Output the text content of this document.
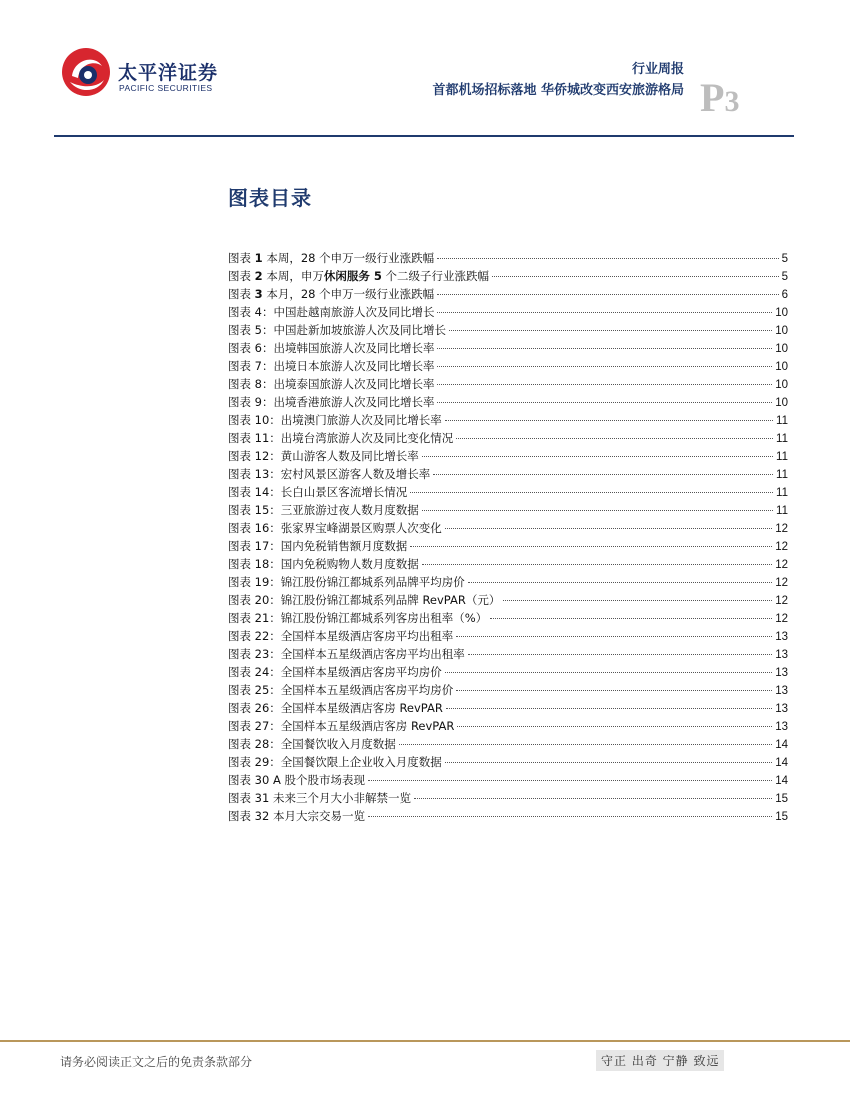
太平洋证券
PACIFIC SECURITIES
行业周报
首都机场招标落地 华侨城改变西安旅游格局 P3
图表目录
图表 1 本周，28 个申万一级行业涨跌幅	5
图表 2 本周，申万休闲服务 5 个二级子行业涨跌幅	5
图表 3 本月，28 个申万一级行业涨跌幅	6
图表 4：中国赴越南旅游人次及同比增长	10
图表 5：中国赴新加坡旅游人次及同比增长	10
图表 6：出境韩国旅游人次及同比增长率	10
图表 7：出境日本旅游人次及同比增长率	10
图表 8：出境泰国旅游人次及同比增长率	10
图表 9：出境香港旅游人次及同比增长率	10
图表 10：出境澳门旅游人次及同比增长率	11
图表 11：出境台湾旅游人次及同比变化情况	11
图表 12：黄山游客人数及同比增长率	11
图表 13：宏村风景区游客人数及增长率	11
图表 14：长白山景区客流增长情况	11
图表 15：三亚旅游过夜人数月度数据	11
图表 16：张家界宝峰湖景区购票人次变化	12
图表 17：国内免税销售额月度数据	12
图表 18：国内免税购物人数月度数据	12
图表 19：锦江股份锦江都城系列品牌平均房价	12
图表 20：锦江股份锦江都城系列品牌 RevPAR（元）	12
图表 21：锦江股份锦江都城系列客房出租率（%）	12
图表 22：全国样本星级酒店客房平均出租率	13
图表 23：全国样本五星级酒店客房平均出租率	13
图表 24：全国样本星级酒店客房平均房价	13
图表 25：全国样本五星级酒店客房平均房价	13
图表 26：全国样本星级酒店客房 RevPAR	13
图表 27：全国样本五星级酒店客房 RevPAR	13
图表 28：全国餐饮收入月度数据	14
图表 29：全国餐饮限上企业收入月度数据	14
图表 30 A 股个股市场表现	14
图表 31 未来三个月大小非解禁一览	15
图表 32 本月大宗交易一览	15
请务必阅读正文之后的免责条款部分	守正 出奇 宁静 致远
